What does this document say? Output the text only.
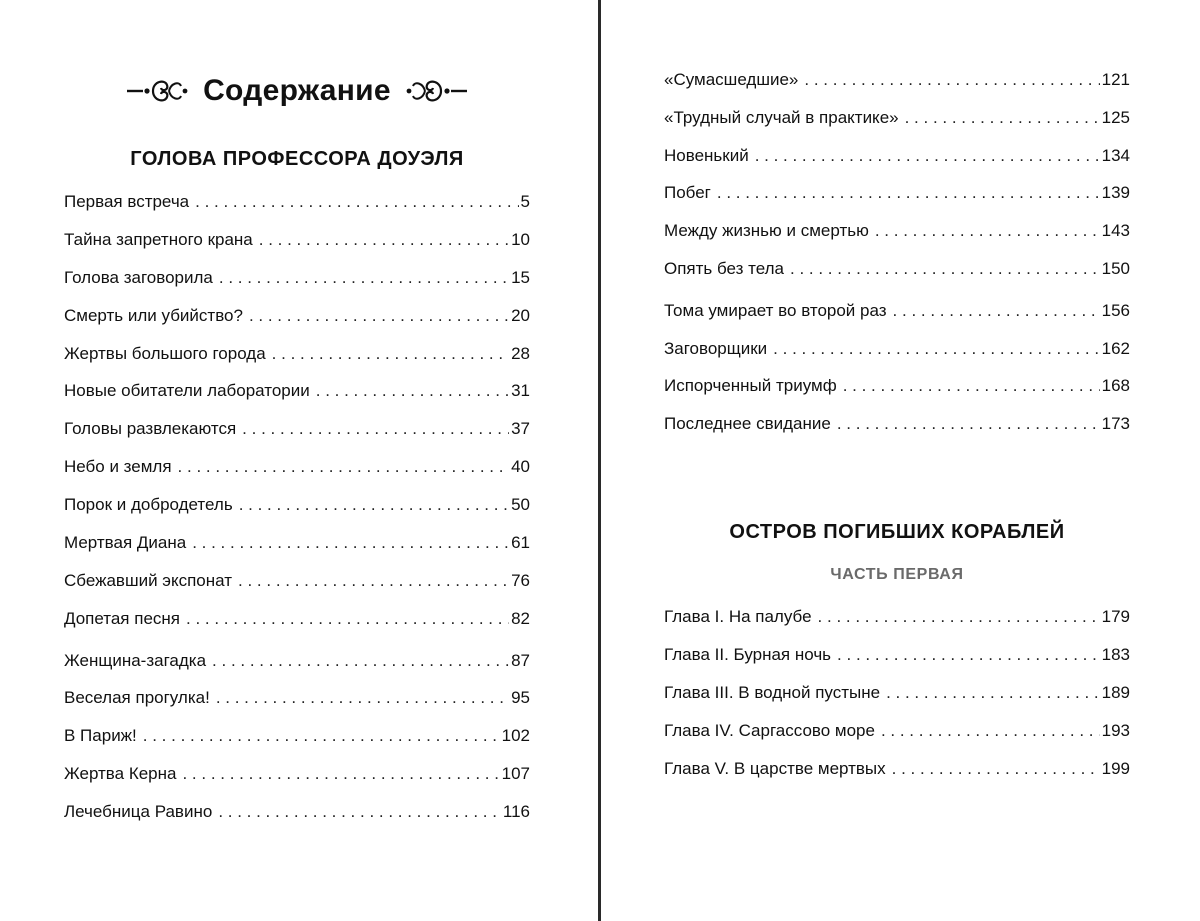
Содержание
ГОЛОВА ПРОФЕССОРА ДОУЭЛЯ
Первая встреча . . .	5
Тайна запретного крана . . .	10
Голова заговорила . . .	15
Смерть или убийство? . . .	20
Жертвы большого города . . .	28
Новые обитатели лаборатории . . .	31
Головы развлекаются . . .	37
Небо и земля . . .	40
Порок и добродетель . . .	50
Мертвая Диана . . .	61
Сбежавший экспонат . . .	76
Допетая песня . . .	82
Женщина-загадка . . .	87
Веселая прогулка! . . .	95
В Париж! . . .	102
Жертва Керна . . .	107
Лечебница Равино . . .	116
«Сумасшедшие» . . .	121
«Трудный случай в практике» . . .	125
Новенький . . .	134
Побег . . .	139
Между жизнью и смертью . . .	143
Опять без тела . . .	150
Тома умирает во второй раз . . .	156
Заговорщики . . .	162
Испорченный триумф . . .	168
Последнее свидание . . .	173
ОСТРОВ ПОГИБШИХ КОРАБЛЕЙ
ЧАСТЬ ПЕРВАЯ
Глава I. На палубе . . .	179
Глава II. Бурная ночь . . .	183
Глава III. В водной пустыне . . .	189
Глава IV. Саргассово море . . .	193
Глава V. В царстве мертвых . . .	199
